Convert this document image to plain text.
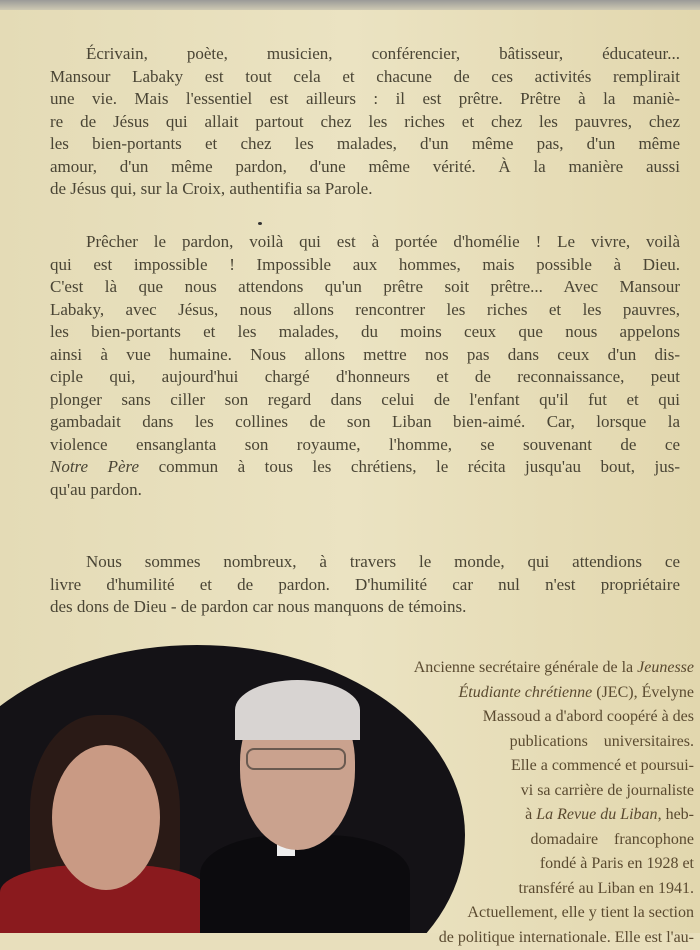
Écrivain, poète, musicien, conférencier, bâtisseur, éducateur...
Mansour Labaky est tout cela et chacune de ces activités remplirait
une vie. Mais l'essentiel est ailleurs : il est prêtre. Prêtre à la maniè-
re de Jésus qui allait partout chez les riches et chez les pauvres, chez
les bien-portants et chez les malades, d'un même pas, d'un même
amour, d'un même pardon, d'une même vérité. À la manière aussi
de Jésus qui, sur la Croix, authentifia sa Parole.
Prêcher le pardon, voilà qui est à portée d'homélie ! Le vivre, voilà
qui est impossible ! Impossible aux hommes, mais possible à Dieu.
C'est là que nous attendons qu'un prêtre soit prêtre... Avec Mansour
Labaky, avec Jésus, nous allons rencontrer les riches et les pauvres,
les bien-portants et les malades, du moins ceux que nous appelons
ainsi à vue humaine. Nous allons mettre nos pas dans ceux d'un dis-
ciple qui, aujourd'hui chargé d'honneurs et de reconnaissance, peut
plonger sans ciller son regard dans celui de l'enfant qu'il fut et qui
gambadait dans les collines de son Liban bien-aimé. Car, lorsque la
violence ensanglanta son royaume, l'homme, se souvenant de ce
Notre Père commun à tous les chrétiens, le récita jusqu'au bout, jus-
qu'au pardon.
Nous sommes nombreux, à travers le monde, qui attendions ce
livre d'humilité et de pardon. D'humilité car nul n'est propriétaire
des dons de Dieu - de pardon car nous manquons de témoins.
Ancienne secrétaire générale de la Jeunesse
Étudiante chrétienne (JEC), Évelyne
Massoud a d'abord coopéré à des
publications    universitaires.
Elle a commencé et poursui-
vi sa carrière de journaliste
à La Revue du Liban, heb-
domadaire    francophone
fondé à Paris en 1928 et
transféré au Liban en 1941.
Actuellement, elle y tient la section
de politique internationale. Elle est l'au-
